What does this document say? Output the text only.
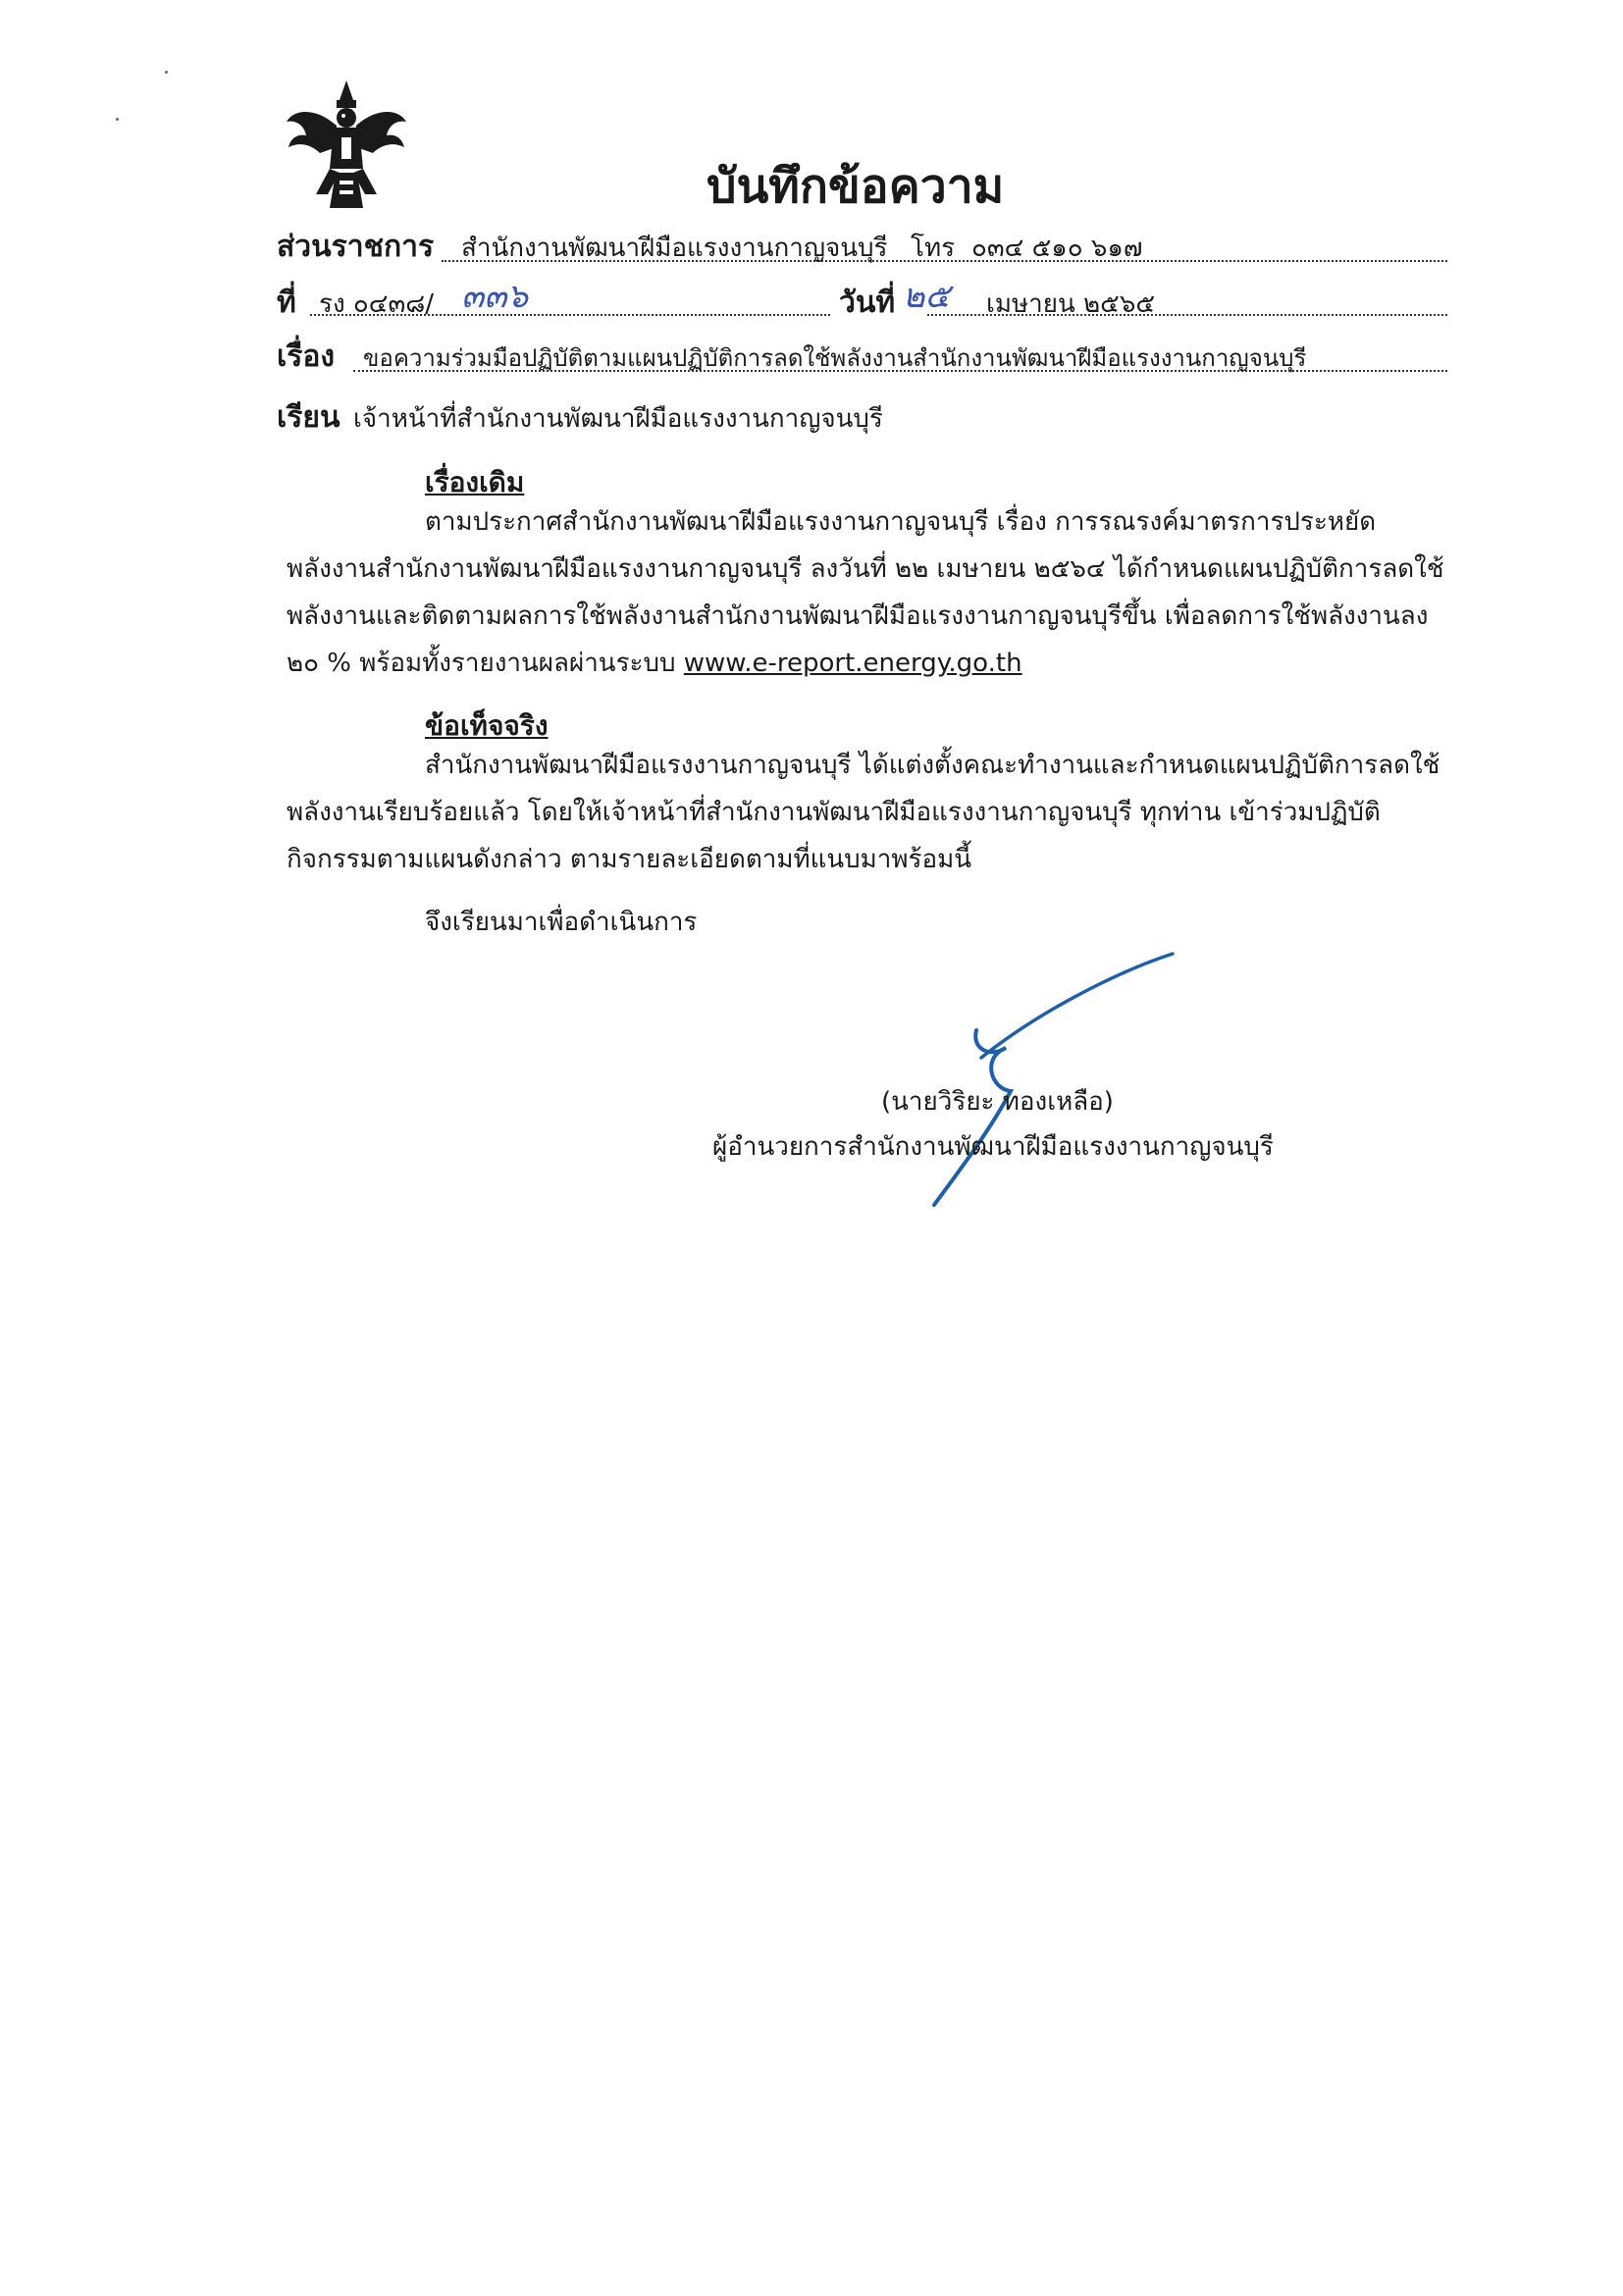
บันทึกข้อความ
ส่วนราชการ สำนักงานพัฒนาฝีมือแรงงานกาญจนบุรี โทร ๐๓๔ ๕๑๐ ๖๑๗
ที่ รง ๐๔๓๘/ ๓๓๖	วันที่ ๒๕ เมษายน ๒๕๖๕
เรื่อง ขอความร่วมมือปฏิบัติตามแผนปฏิบัติการลดใช้พลังงานสำนักงานพัฒนาฝีมือแรงงานกาญจนบุรี
เรียน เจ้าหน้าที่สำนักงานพัฒนาฝีมือแรงงานกาญจนบุรี
เรื่องเดิม
ตามประกาศสำนักงานพัฒนาฝีมือแรงงานกาญจนบุรี เรื่อง การรณรงค์มาตรการประหยัด
พลังงานสำนักงานพัฒนาฝีมือแรงงานกาญจนบุรี ลงวันที่ ๒๒ เมษายน ๒๕๖๔ ได้กำหนดแผนปฏิบัติการลดใช้
พลังงานและติดตามผลการใช้พลังงานสำนักงานพัฒนาฝีมือแรงงานกาญจนบุรีขึ้น เพื่อลดการใช้พลังงานลง
๒๐ % พร้อมทั้งรายงานผลผ่านระบบ www.e-report.energy.go.th
ข้อเท็จจริง
สำนักงานพัฒนาฝีมือแรงงานกาญจนบุรี ได้แต่งตั้งคณะทำงานและกำหนดแผนปฏิบัติการลดใช้
พลังงานเรียบร้อยแล้ว โดยให้เจ้าหน้าที่สำนักงานพัฒนาฝีมือแรงงานกาญจนบุรี ทุกท่าน เข้าร่วมปฏิบัติ
กิจกรรมตามแผนดังกล่าว ตามรายละเอียดตามที่แนบมาพร้อมนี้
จึงเรียนมาเพื่อดำเนินการ
(นายวิริยะ ทองเหลือ)
ผู้อำนวยการสำนักงานพัฒนาฝีมือแรงงานกาญจนบุรี
